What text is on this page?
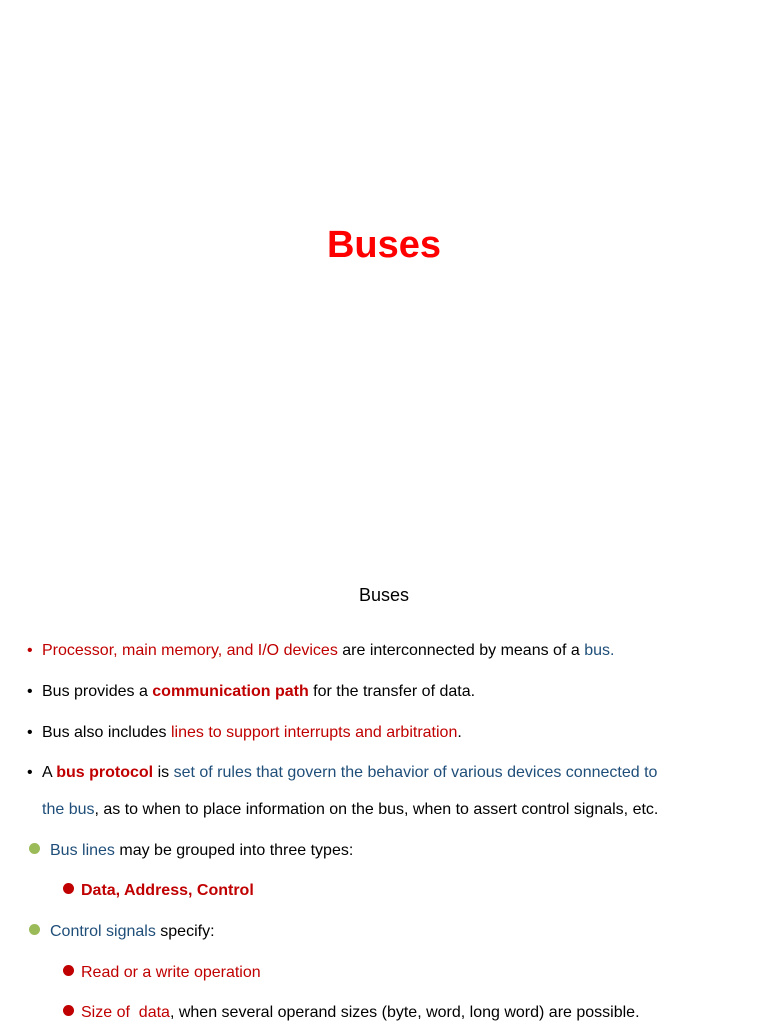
Buses
Buses
• Processor, main memory, and I/O devices are interconnected by means of a bus.
• Bus provides a communication path for the transfer of data.
• Bus also includes lines to support interrupts and arbitration.
• A bus protocol is set of rules that govern the behavior of various devices connected to
the bus, as to when to place information on the bus, when to assert control signals, etc.
Bus lines may be grouped into three types:
Data, Address, Control
Control signals specify:
Read or a write operation
Size of  data, when several operand sizes (byte, word, long word) are possible.
